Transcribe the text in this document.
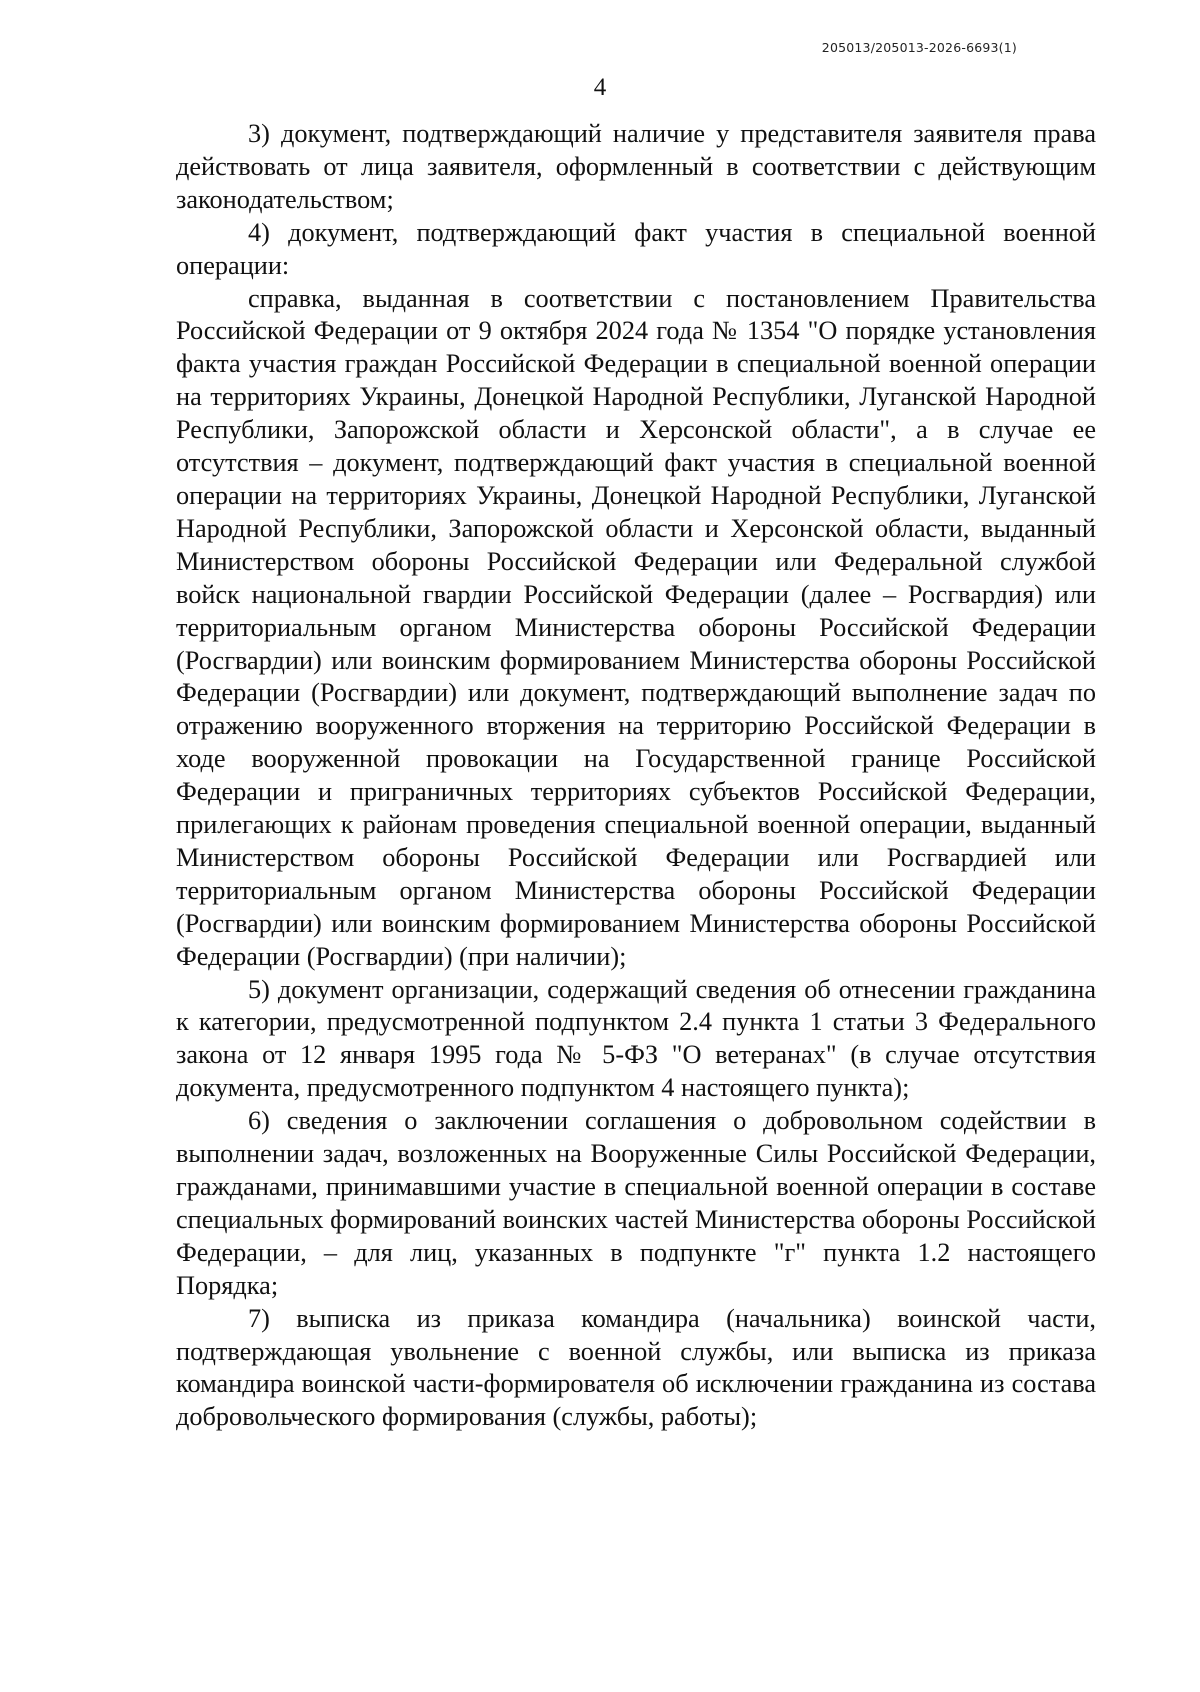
205013/205013-2026-6693(1)
4

3) документ, подтверждающий наличие у представителя заявителя права действовать от лица заявителя, оформленный в соответствии с действующим законодательством;

4) документ, подтверждающий факт участия в специальной военной операции:

справка, выданная в соответствии с постановлением Правительства Российской Федерации от 9 октября 2024 года № 1354 "О порядке установления факта участия граждан Российской Федерации в специальной военной операции на территориях Украины, Донецкой Народной Республики, Луганской Народной Республики, Запорожской области и Херсонской области", а в случае ее отсутствия – документ, подтверждающий факт участия в специальной военной операции на территориях Украины, Донецкой Народной Республики, Луганской Народной Республики, Запорожской области и Херсонской области, выданный Министерством обороны Российской Федерации или Федеральной службой войск национальной гвардии Российской Федерации (далее – Росгвардия) или территориальным органом Министерства обороны Российской Федерации (Росгвардии) или воинским формированием Министерства обороны Российской Федерации (Росгвардии) или документ, подтверждающий выполнение задач по отражению вооруженного вторжения на территорию Российской Федерации в ходе вооруженной провокации на Государственной границе Российской Федерации и приграничных территориях субъектов Российской Федерации, прилегающих к районам проведения специальной военной операции, выданный Министерством обороны Российской Федерации или Росгвардией или территориальным органом Министерства обороны Российской Федерации (Росгвардии) или воинским формированием Министерства обороны Российской Федерации (Росгвардии) (при наличии);

5) документ организации, содержащий сведения об отнесении гражданина к категории, предусмотренной подпунктом 2.4 пункта 1 статьи 3 Федерального закона от 12 января 1995 года № 5-ФЗ "О ветеранах" (в случае отсутствия документа, предусмотренного подпунктом 4 настоящего пункта);

6) сведения о заключении соглашения о добровольном содействии в выполнении задач, возложенных на Вооруженные Силы Российской Федерации, гражданами, принимавшими участие в специальной военной операции в составе специальных формирований воинских частей Министерства обороны Российской Федерации, – для лиц, указанных в подпункте "г" пункта 1.2 настоящего Порядка;

7) выписка из приказа командира (начальника) воинской части, подтверждающая увольнение с военной службы, или выписка из приказа командира воинской части-формирователя об исключении гражданина из состава добровольческого формирования (службы, работы);
